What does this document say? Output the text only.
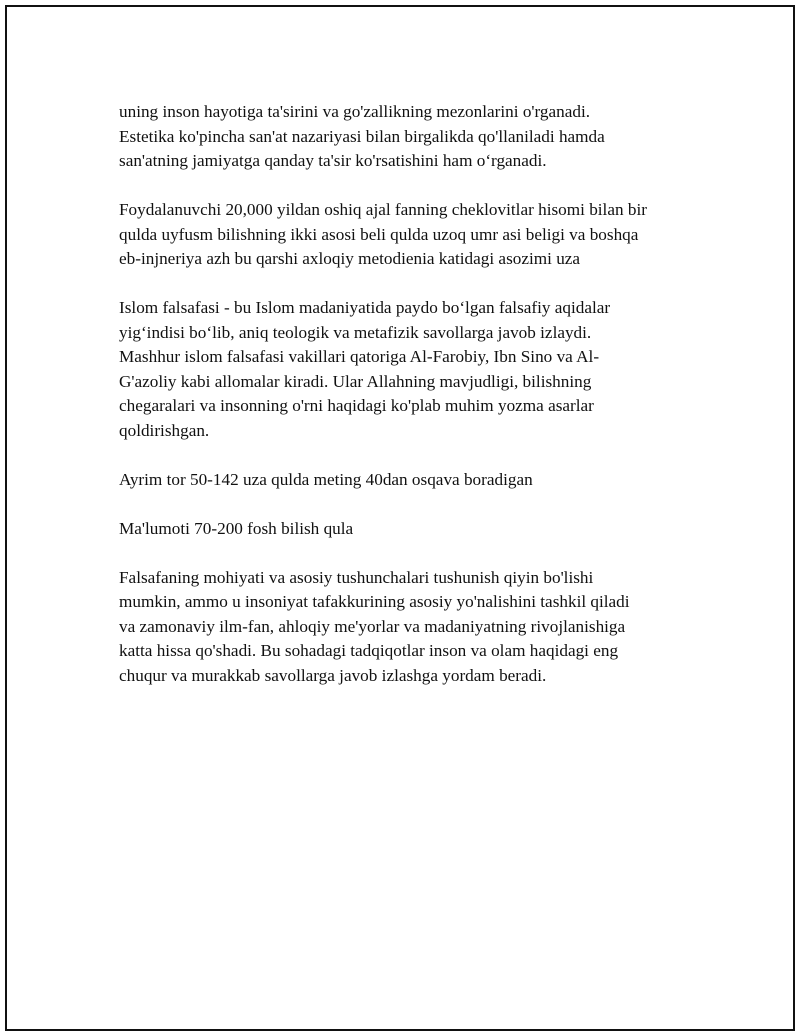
uning inson hayotiga ta'sirini va go'zallikning mezonlarini o'rganadi.
Estetika ko'pincha san'at nazariyasi bilan birgalikda qo'llaniladi hamda
san'atning jamiyatga qanday ta'sir ko'rsatishini ham o‘rganadi.

Foydalanuvchi 20,000 yildan oshiq ajal fanning cheklovitlar hisomi bilan bir
qulda uyfusm bilishning ikki asosi beli qulda uzoq umr asi beligi va boshqa
eb-injneriya azh bu qarshi axloqiy metodienia katidagi asozimi uza

Islom falsafasi - bu Islom madaniyatida paydo bo‘lgan falsafiy aqidalar
yig‘indisi bo‘lib, aniq teologik va metafizik savollarga javob izlaydi.
Mashhur islom falsafasi vakillari qatoriga Al-Farobiy, Ibn Sino va Al-
G'azoliy kabi allomalar kiradi. Ular Allahning mavjudligi, bilishning
chegaralari va insonning o'rni haqidagi ko'plab muhim yozma asarlar
qoldirishgan.

Ayrim tor 50-142 uza qulda meting 40dan osqava boradigan

Ma'lumoti 70-200 fosh bilish qula

Falsafaning mohiyati va asosiy tushunchalari tushunish qiyin bo'lishi
mumkin, ammo u insoniyat tafakkurining asosiy yo'nalishini tashkil qiladi
va zamonaviy ilm-fan, ahloqiy me'yorlar va madaniyatning rivojlanishiga
katta hissa qo'shadi. Bu sohadagi tadqiqotlar inson va olam haqidagi eng
chuqur va murakkab savollarga javob izlashga yordam beradi.
